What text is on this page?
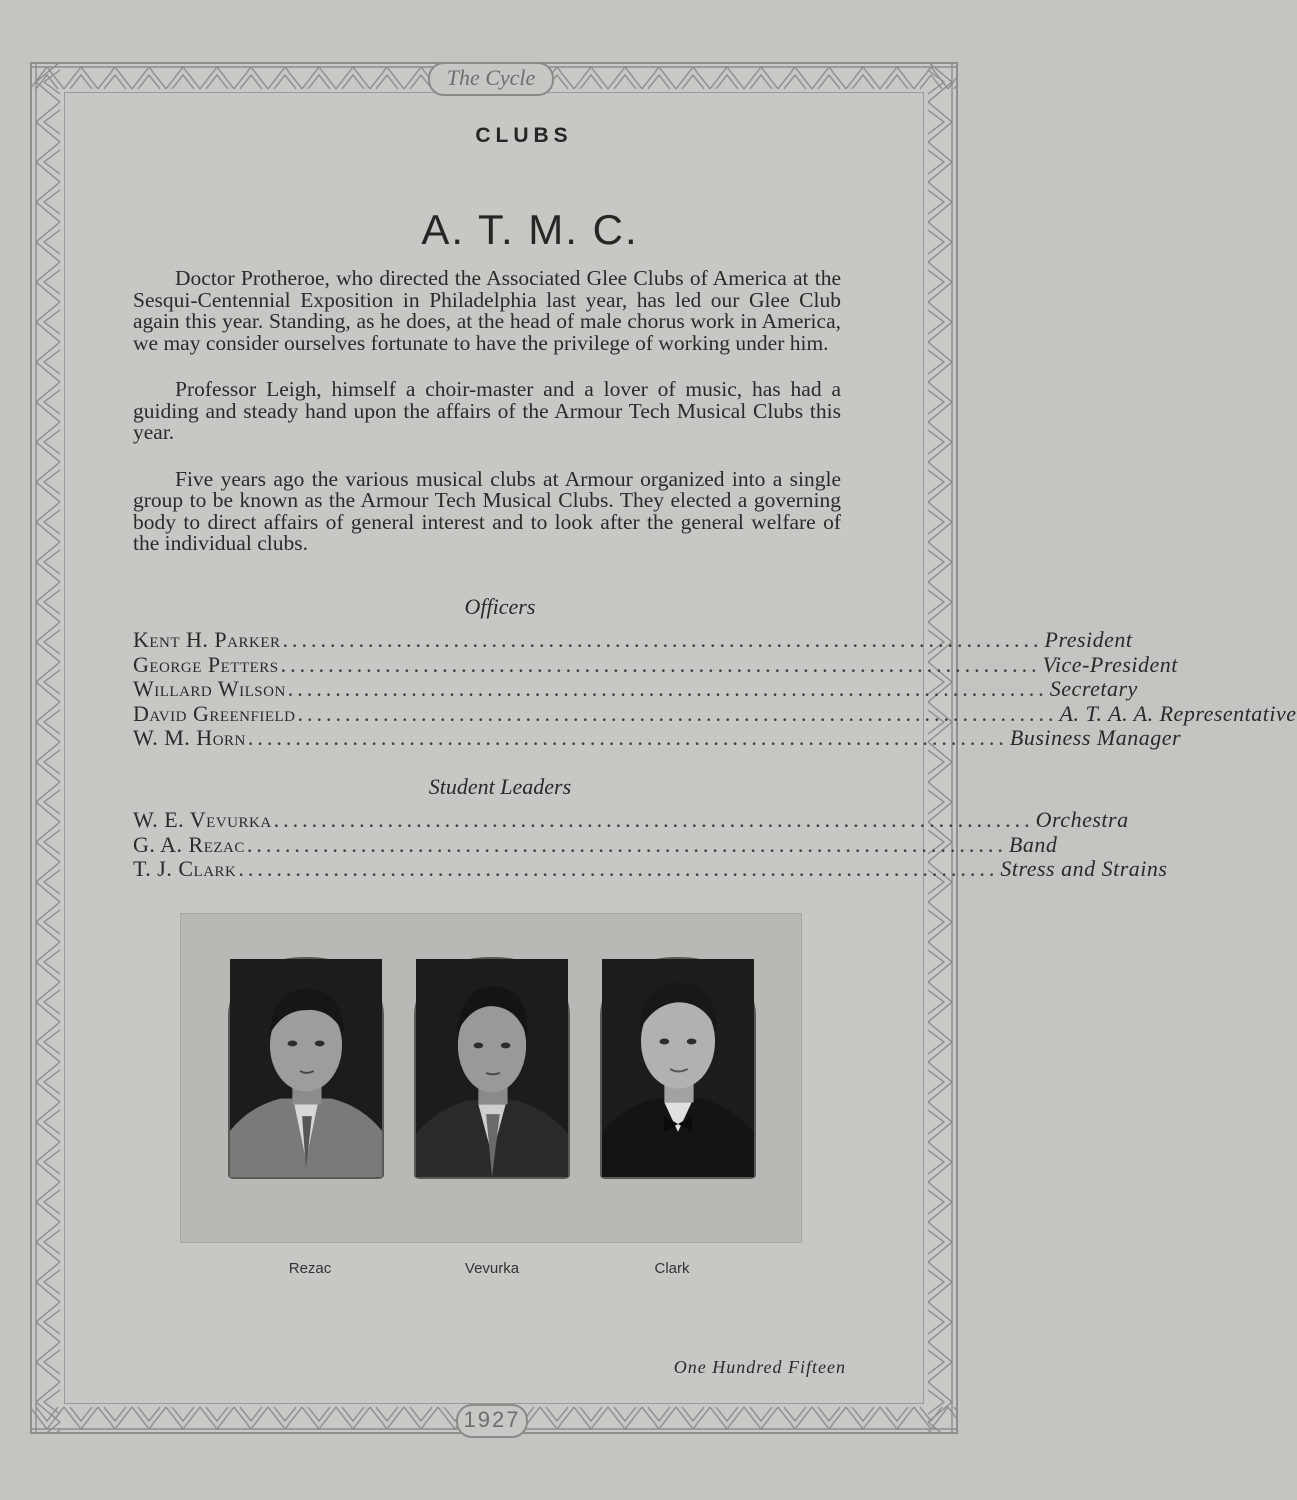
The Cycle
1927
CLUBS
A. T. M. C.

Doctor Protheroe, who directed the Associated Glee Clubs of America at the Sesqui-Centennial Exposition in Philadelphia last year, has led our Glee Club again this year. Standing, as he does, at the head of male chorus work in America, we may consider ourselves fortunate to have the privilege of working under him.

Professor Leigh, himself a choir-master and a lover of music, has had a guiding and steady hand upon the affairs of the Armour Tech Musical Clubs this year.

Five years ago the various musical clubs at Armour organized into a single group to be known as the Armour Tech Musical Clubs. They elected a governing body to direct affairs of general interest and to look after the general welfare of the individual clubs.

Officers
Kent H. Parker ................................................................................ President
George Petters ................................................................................ Vice-President
Willard Wilson ................................................................................ Secretary
David Greenfield ................................................................................ A. T. A. A. Representative
W. M. Horn ................................................................................ Business Manager
Student Leaders
W. E. Vevurka ................................................................................ Orchestra
G. A. Rezac ................................................................................ Band
T. J. Clark ................................................................................ Stress and Strains
Rezac	Vevurka	Clark
One Hundred Fifteen
